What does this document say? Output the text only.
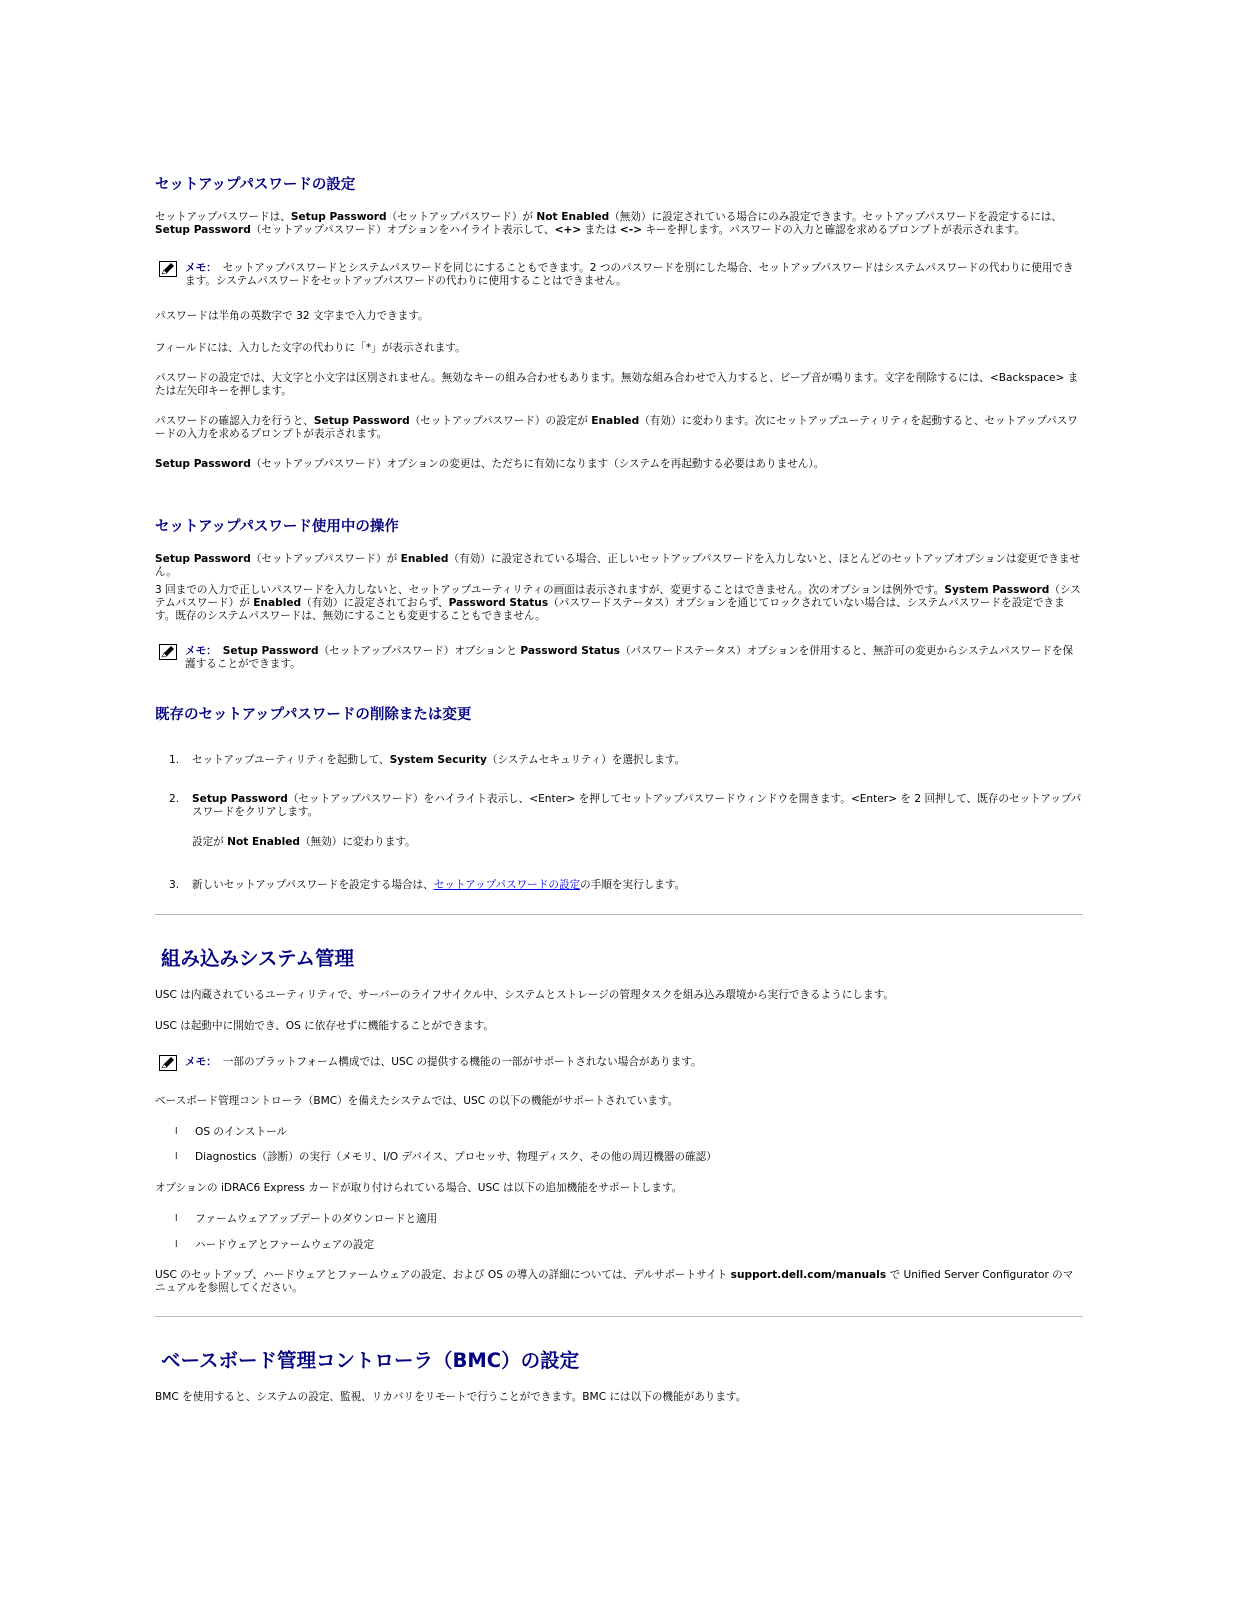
セットアップパスワードの設定
セットアップパスワードは、Setup Password（セットアップパスワード）が Not Enabled（無効）に設定されている場合にのみ設定できます。セットアップパスワードを設定するには、Setup Password（セットアップパスワード）オプションをハイライト表示して、<+> または <-> キーを押します。パスワードの入力と確認を求めるプロンプトが表示されます。
メモ： セットアップパスワードとシステムパスワードを同じにすることもできます。2 つのパスワードを別にした場合、セットアップパスワードはシステムパスワードの代わりに使用できます。システムパスワードをセットアップパスワードの代わりに使用することはできません。
パスワードは半角の英数字で 32 文字まで入力できます。
フィールドには、入力した文字の代わりに「*」が表示されます。
パスワードの設定では、大文字と小文字は区別されません。無効なキーの組み合わせもあります。無効な組み合わせで入力すると、ビープ音が鳴ります。文字を削除するには、<Backspace> または左矢印キーを押します。
パスワードの確認入力を行うと、Setup Password（セットアップパスワード）の設定が Enabled（有効）に変わります。次にセットアップユーティリティを起動すると、セットアップパスワードの入力を求めるプロンプトが表示されます。
Setup Password（セットアップパスワード）オプションの変更は、ただちに有効になります（システムを再起動する必要はありません）。
セットアップパスワード使用中の操作
Setup Password（セットアップパスワード）が Enabled（有効）に設定されている場合、正しいセットアップパスワードを入力しないと、ほとんどのセットアップオプションは変更できません。
3 回までの入力で正しいパスワードを入力しないと、セットアップユーティリティの画面は表示されますが、変更することはできません。次のオプションは例外です。System Password（システムパスワード）が Enabled（有効）に設定されておらず、Password Status（パスワードステータス）オプションを通じてロックされていない場合は、システムパスワードを設定できます。既存のシステムパスワードは、無効にすることも変更することもできません。
メモ： Setup Password（セットアップパスワード）オプションと Password Status（パスワードステータス）オプションを併用すると、無許可の変更からシステムパスワードを保護することができます。
既存のセットアップパスワードの削除または変更
1.	セットアップユーティリティを起動して、System Security（システムセキュリティ）を選択します。
2.	Setup Password（セットアップパスワード）をハイライト表示し、<Enter> を押してセットアップパスワードウィンドウを開きます。<Enter> を 2 回押して、既存のセットアップパスワードをクリアします。
設定が Not Enabled（無効）に変わります。
3.	新しいセットアップパスワードを設定する場合は、セットアップパスワードの設定の手順を実行します。
組み込みシステム管理
USC は内蔵されているユーティリティで、サーバーのライフサイクル中、システムとストレージの管理タスクを組み込み環境から実行できるようにします。
USC は起動中に開始でき、OS に依存せずに機能することができます。
メモ： 一部のプラットフォーム構成では、USC の提供する機能の一部がサポートされない場合があります。
ベースボード管理コントローラ（BMC）を備えたシステムでは、USC の以下の機能がサポートされています。
l	OS のインストール
l	Diagnostics（診断）の実行（メモリ、I/O デバイス、プロセッサ、物理ディスク、その他の周辺機器の確認）
オプションの iDRAC6 Express カードが取り付けられている場合、USC は以下の追加機能をサポートします。
l	ファームウェアアップデートのダウンロードと適用
l	ハードウェアとファームウェアの設定
USC のセットアップ、ハードウェアとファームウェアの設定、および OS の導入の詳細については、デルサポートサイト support.dell.com/manuals で Unified Server Configurator のマニュアルを参照してください。
ベースボード管理コントローラ（BMC）の設定
BMC を使用すると、システムの設定、監視、リカバリをリモートで行うことができます。BMC には以下の機能があります。
